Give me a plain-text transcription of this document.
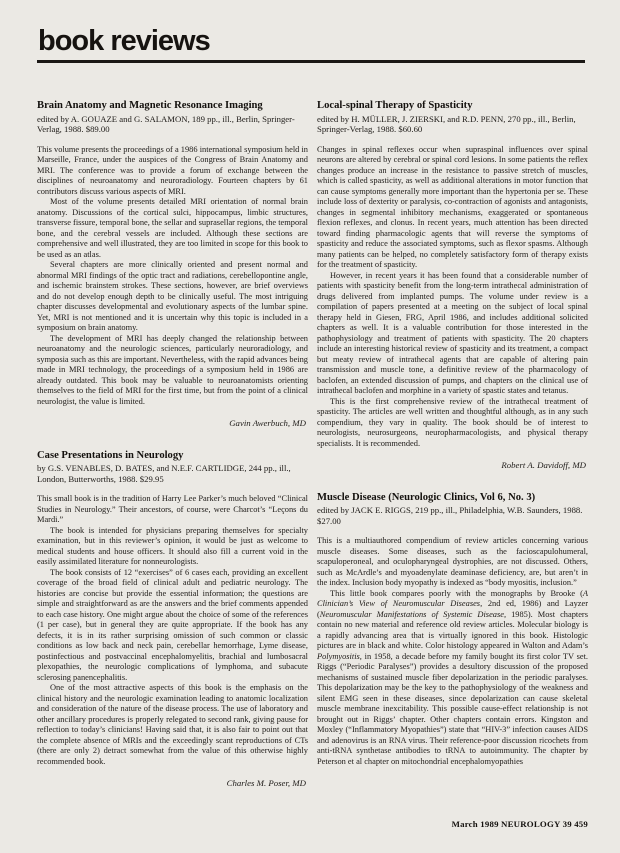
book reviews
Brain Anatomy and Magnetic Resonance Imaging

edited by A. GOUAZE and G. SALAMON, 189 pp., ill., Berlin, Springer-Verlag, 1988. $89.00

This volume presents the proceedings of a 1986 international symposium held in Marseille, France, under the auspices of the Congress of Brain Anatomy and MRI. The conference was to provide a forum of exchange between the disciplines of neuroanatomy and neuroradiology. Fourteen chapters by 61 contributors discuss various aspects of MRI.

Most of the volume presents detailed MRI orientation of normal brain anatomy. Discussions of the cortical sulci, hippocampus, limbic structures, transverse fissure, temporal bone, the sellar and suprasellar regions, the temporal bone, and the cerebral vessels are included. Although these sections are comprehensive and well illustrated, they are too limited in scope for this book to be used as an atlas.

Several chapters are more clinically oriented and present normal and abnormal MRI findings of the optic tract and radiations, cerebellopontine angle, and ischemic brainstem strokes. These sections, however, are brief overviews and do not develop enough depth to be clinically useful. The most intriguing chapter discusses developmental and evolutionary aspects of the lumbar spine. Yet, MRI is not mentioned and it is uncertain why this topic is included in a symposium on brain anatomy.

The development of MRI has deeply changed the relationship between neuroanatomy and the neurologic sciences, particularly neuroradiology, and symposia such as this are important. Nevertheless, with the rapid advances being made in MRI technology, the proceedings of a symposium held in 1986 are already outdated. This book may be valuable to neuroanatomists orienting themselves to the field of MRI for the first time, but from the point of a clinical neurologist, the value is limited.

Gavin Awerbuch, MD

Case Presentations in Neurology

by G.S. VENABLES, D. BATES, and N.E.F. CARTLIDGE, 244 pp., ill., London, Butterworths, 1988. $29.95

This small book is in the tradition of Harry Lee Parker’s much beloved “Clinical Studies in Neurology.” Their ancestors, of course, were Charcot’s “Leçons du Mardi.”

The book is intended for physicians preparing themselves for specialty examination, but in this reviewer’s opinion, it would be just as welcome to medical students and house officers. It should also fill a current void in the easily assimilated literature for nonneurologists.

The book consists of 12 “exercises” of 6 cases each, providing an excellent coverage of the broad field of clinical adult and pediatric neurology. The histories are concise but provide the essential information; the questions are simple and straightforward as are the answers and the brief comments appended to each case history. One might argue about the choice of some of the references (1 per case), but in general they are quite appropriate. If the book has any defects, it is in its rather surprising omission of such common or classic conditions as low back and neck pain, cerebellar hemorrhage, Lyme disease, postinfectious and postvaccinal encephalomyelitis, brachial and lumbosacral plexopathies, the neurologic complications of lymphoma, and subacute sclerosing panencephalitis.

One of the most attractive aspects of this book is the emphasis on the clinical history and the neurologic examination leading to anatomic localization and consideration of the nature of the disease process. The use of laboratory and other ancillary procedures is properly relegated to second rank, giving pause for reflection to today’s clinicians! Having said that, it is also fair to point out that the complete absence of MRIs and the exceedingly scant reproductions of CTs (there are only 2) detract somewhat from the value of this otherwise highly recommended book.

Charles M. Poser, MD

Local-spinal Therapy of Spasticity

edited by H. MÜLLER, J. ZIERSKI, and R.D. PENN, 270 pp., ill., Berlin, Springer-Verlag, 1988. $60.60

Changes in spinal reflexes occur when supraspinal influences over spinal neurons are altered by cerebral or spinal cord lesions. In some patients the reflex changes produce an increase in the resistance to passive stretch of muscles, which is called spasticity, as well as additional alterations in motor function that can cause symptoms generally more important than the hypertonia per se. These include loss of dexterity or paralysis, co-contraction of agonists and antagonists, changes in segmental inhibitory mechanisms, exaggerated or spontaneous flexion reflexes, and clonus. In recent years, much attention has been directed toward finding pharmacologic agents that will reverse the symptoms of spasticity and reduce the associated symptoms, such as flexor spasms. Although many patients can be helped, no completely satisfactory form of therapy exists for the treatment of spasticity.

However, in recent years it has been found that a considerable number of patients with spasticity benefit from the long-term intrathecal administration of drugs delivered from implanted pumps. The volume under review is a compilation of papers presented at a meeting on the subject of local spinal therapy held in Giesen, FRG, April 1986, and includes additional solicited chapters as well. It is a valuable contribution for those interested in the pathophysiology and treatment of patients with spasticity. The 20 chapters include an interesting historical review of spasticity and its treatment, a compact but meaty review of intrathecal agents that are capable of altering pain transmission and muscle tone, a definitive review of the pharmacology of baclofen, an extended discussion of pumps, and chapters on the clinical use of intrathecal baclofen and morphine in a variety of spastic states and tetanus.

This is the first comprehensive review of the intrathecal treatment of spasticity. The articles are well written and thoughtful although, as in any such compendium, they vary in quality. The book should be of interest to neurologists, neurosurgeons, neuropharmacologists, and physical therapy specialists. It is recommended.

Robert A. Davidoff, MD

Muscle Disease (Neurologic Clinics, Vol 6, No. 3)

edited by JACK E. RIGGS, 219 pp., ill., Philadelphia, W.B. Saunders, 1988. $27.00

This is a multiauthored compendium of review articles concerning various muscle diseases. Some diseases, such as the facioscapulohumeral, scapuloperoneal, and oculopharyngeal dystrophies, are not discussed. Others, such as McArdle’s and myoadenylate deaminase deficiency, are, but aren’t in the index. Inclusion body myopathy is indexed as “body myositis, inclusion.”

This little book compares poorly with the monographs by Brooke (A Clinician’s View of Neuromuscular Diseases, 2nd ed, 1986) and Layzer (Neuromuscular Manifestations of Systemic Disease, 1985). Most chapters contain no new material and reference old review articles. Molecular biology is a rapidly advancing area that is virtually ignored in this book. Histologic pictures are in black and white. Color histology appeared in Walton and Adam’s Polymyositis, in 1958, a decade before my family bought its first color TV set. Riggs (“Periodic Paralyses”) provides a desultory discussion of the proposed mechanisms of sustained muscle fiber depolarization in the periodic paralyses. This depolarization may be the key to the pathophysiology of the weakness and silent EMG seen in these diseases, since depolarization can cause skeletal muscle membrane inexcitability. This possible cause-effect relationship is not brought out in Riggs’ chapter. Other chapters contain errors. Kingston and Moxley (“Inflammatory Myopathies”) state that “HIV-3” infection causes AIDS and adenovirus is an RNA virus. Their reference-poor discussion ricochets from anti-tRNA synthetase antibodies to tRNA to autoimmunity. The chapter by Peterson et al chapter on mitochondrial encephalomyopathies

March 1989 NEUROLOGY 39 459
